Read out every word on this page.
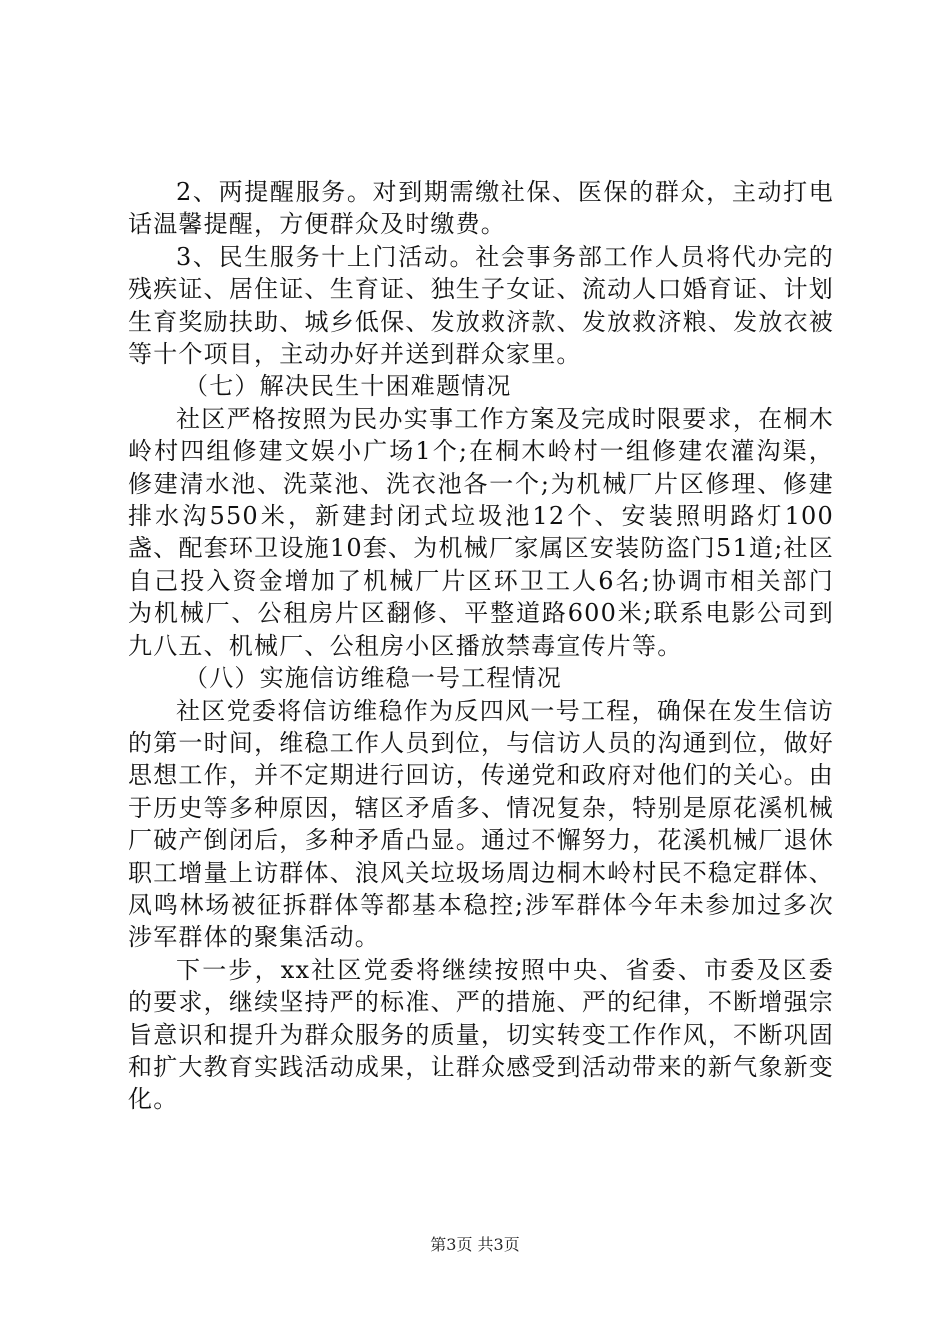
2、两提醒服务。对到期需缴社保、医保的群众，主动打电话温馨提醒，方便群众及时缴费。

3、民生服务十上门活动。社会事务部工作人员将代办完的残疾证、居住证、生育证、独生子女证、流动人口婚育证、计划生育奖励扶助、城乡低保、发放救济款、发放救济粮、发放衣被等十个项目，主动办好并送到群众家里。

（七）解决民生十困难题情况

社区严格按照为民办实事工作方案及完成时限要求，在桐木岭村四组修建文娱小广场1个;在桐木岭村一组修建农灌沟渠，修建清水池、洗菜池、洗衣池各一个;为机械厂片区修理、修建排水沟550米，新建封闭式垃圾池12个、安装照明路灯100盏、配套环卫设施10套、为机械厂家属区安装防盗门51道;社区自己投入资金增加了机械厂片区环卫工人6名;协调市相关部门为机械厂、公租房片区翻修、平整道路600米;联系电影公司到九八五、机械厂、公租房小区播放禁毒宣传片等。

（八）实施信访维稳一号工程情况

社区党委将信访维稳作为反四风一号工程，确保在发生信访的第一时间，维稳工作人员到位，与信访人员的沟通到位，做好思想工作，并不定期进行回访，传递党和政府对他们的关心。由于历史等多种原因，辖区矛盾多、情况复杂，特别是原花溪机械厂破产倒闭后，多种矛盾凸显。通过不懈努力，花溪机械厂退休职工增量上访群体、浪风关垃圾场周边桐木岭村民不稳定群体、凤鸣林场被征拆群体等都基本稳控;涉军群体今年未参加过多次涉军群体的聚集活动。

下一步，xx社区党委将继续按照中央、省委、市委及区委的要求，继续坚持严的标准、严的措施、严的纪律，不断增强宗旨意识和提升为群众服务的质量，切实转变工作作风，不断巩固和扩大教育实践活动成果，让群众感受到活动带来的新气象新变化。

第3页 共3页
